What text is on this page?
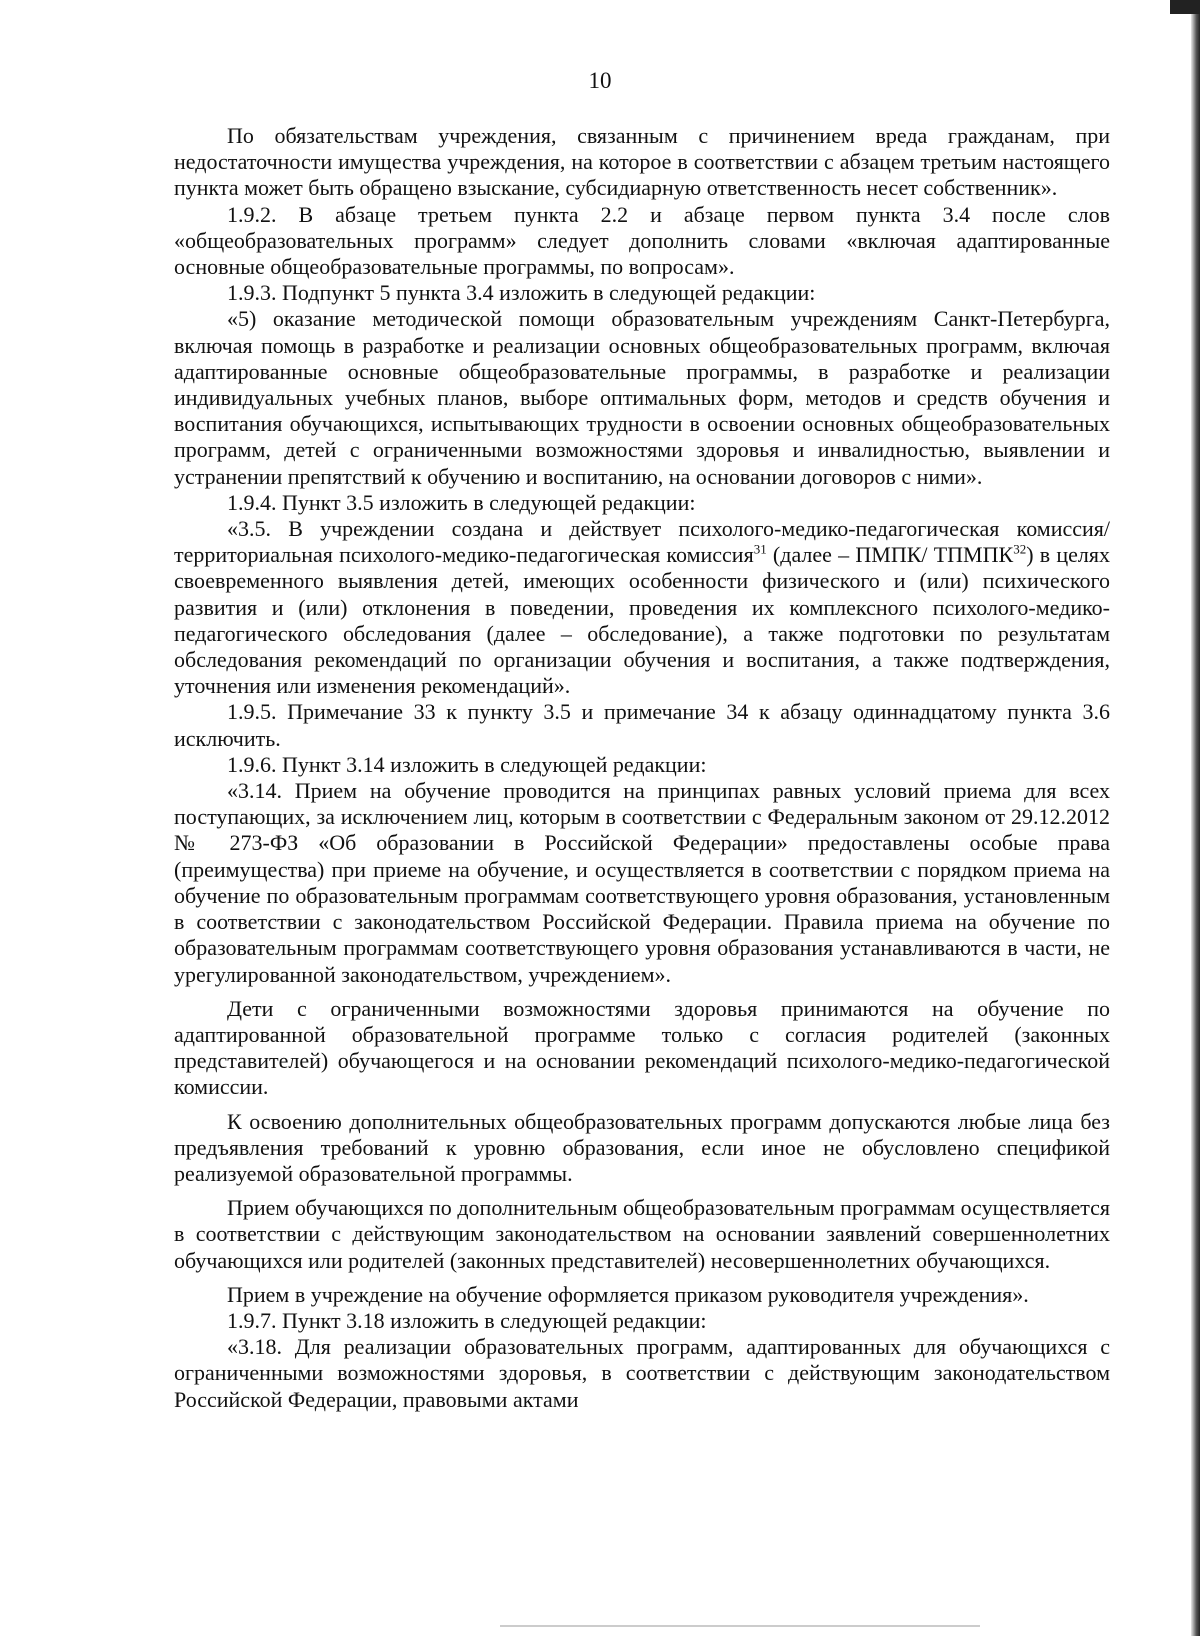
10

По обязательствам учреждения, связанным с причинением вреда гражданам, при недостаточности имущества учреждения, на которое в соответствии с абзацем третьим настоящего пункта может быть обращено взыскание, субсидиарную ответственность несет собственник».

1.9.2. В абзаце третьем пункта 2.2 и абзаце первом пункта 3.4 после слов «общеобразовательных программ» следует дополнить словами «включая адаптированные основные общеобразовательные программы, по вопросам».

1.9.3. Подпункт 5 пункта 3.4 изложить в следующей редакции:

«5) оказание методической помощи образовательным учреждениям Санкт-Петербурга, включая помощь в разработке и реализации основных общеобразовательных программ, включая адаптированные основные общеобразовательные программы, в разработке и реализации индивидуальных учебных планов, выборе оптимальных форм, методов и средств обучения и воспитания обучающихся, испытывающих трудности в освоении основных общеобразовательных программ, детей с ограниченными возможностями здоровья и инвалидностью, выявлении и устранении препятствий к обучению и воспитанию, на основании договоров с ними».

1.9.4. Пункт 3.5 изложить в следующей редакции:

«3.5. В учреждении создана и действует психолого-медико-педагогическая комиссия/территориальная психолого-медико-педагогическая комиссия$^{31}$ (далее – ПМПК/ ТПМПК$^{32}$) в целях своевременного выявления детей, имеющих особенности физического и (или) психического развития и (или) отклонения в поведении, проведения их комплексного психолого-медико-педагогического обследования (далее – обследование), а также подготовки по результатам обследования рекомендаций по организации обучения и воспитания, а также подтверждения, уточнения или изменения рекомендаций».

1.9.5. Примечание 33 к пункту 3.5 и примечание 34 к абзацу одиннадцатому пункта 3.6 исключить.

1.9.6. Пункт 3.14 изложить в следующей редакции:

«3.14. Прием на обучение проводится на принципах равных условий приема для всех поступающих, за исключением лиц, которым в соответствии с Федеральным законом от 29.12.2012 № 273-ФЗ «Об образовании в Российской Федерации» предоставлены особые права (преимущества) при приеме на обучение, и осуществляется в соответствии с порядком приема на обучение по образовательным программам соответствующего уровня образования, установленным в соответствии с законодательством Российской Федерации. Правила приема на обучение по образовательным программам соответствующего уровня образования устанавливаются в части, не урегулированной законодательством, учреждением».

Дети с ограниченными возможностями здоровья принимаются на обучение по адаптированной образовательной программе только с согласия родителей (законных представителей) обучающегося и на основании рекомендаций психолого-медико-педагогической комиссии.

К освоению дополнительных общеобразовательных программ допускаются любые лица без предъявления требований к уровню образования, если иное не обусловлено спецификой реализуемой образовательной программы.

Прием обучающихся по дополнительным общеобразовательным программам осуществляется в соответствии с действующим законодательством на основании заявлений совершеннолетних обучающихся или родителей (законных представителей) несовершеннолетних обучающихся.

Прием в учреждение на обучение оформляется приказом руководителя учреждения».

1.9.7. Пункт 3.18 изложить в следующей редакции:

«3.18. Для реализации образовательных программ, адаптированных для обучающихся с ограниченными возможностями здоровья, в соответствии с действующим законодательством Российской Федерации, правовыми актами
